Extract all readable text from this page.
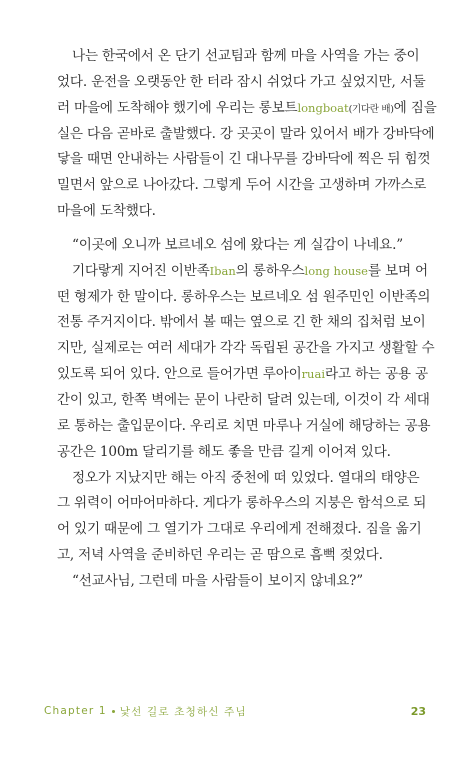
나는 한국에서 온 단기 선교팀과 함께 마을 사역을 가는 중이
었다. 운전을 오랫동안 한 터라 잠시 쉬었다 가고 싶었지만, 서둘
러 마을에 도착해야 했기에 우리는 롱보트longboat(기다란 배)에 짐을
실은 다음 곧바로 출발했다. 강 곳곳이 말라 있어서 배가 강바닥에
닿을 때면 안내하는 사람들이 긴 대나무를 강바닥에 찍은 뒤 힘껏
밀면서 앞으로 나아갔다. 그렇게 두어 시간을 고생하며 가까스로
마을에 도착했다.
“이곳에 오니까 보르네오 섬에 왔다는 게 실감이 나네요.”
기다랗게 지어진 이반족Iban의 롱하우스long house를 보며 어
떤 형제가 한 말이다. 롱하우스는 보르네오 섬 원주민인 이반족의
전통 주거지이다. 밖에서 볼 때는 옆으로 긴 한 채의 집처럼 보이
지만, 실제로는 여러 세대가 각각 독립된 공간을 가지고 생활할 수
있도록 되어 있다. 안으로 들어가면 루아이ruai라고 하는 공용 공
간이 있고, 한쪽 벽에는 문이 나란히 달려 있는데, 이것이 각 세대
로 통하는 출입문이다. 우리로 치면 마루나 거실에 해당하는 공용
공간은 100m 달리기를 해도 좋을 만큼 길게 이어져 있다.
정오가 지났지만 해는 아직 중천에 떠 있었다. 열대의 태양은
그 위력이 어마어마하다. 게다가 롱하우스의 지붕은 함석으로 되
어 있기 때문에 그 열기가 그대로 우리에게 전해졌다. 짐을 옮기
고, 저녁 사역을 준비하던 우리는 곧 땀으로 흠뻑 젖었다.
“선교사님, 그런데 마을 사람들이 보이지 않네요?”
Chapter 1 낯선 길로 초청하신 주님	23
